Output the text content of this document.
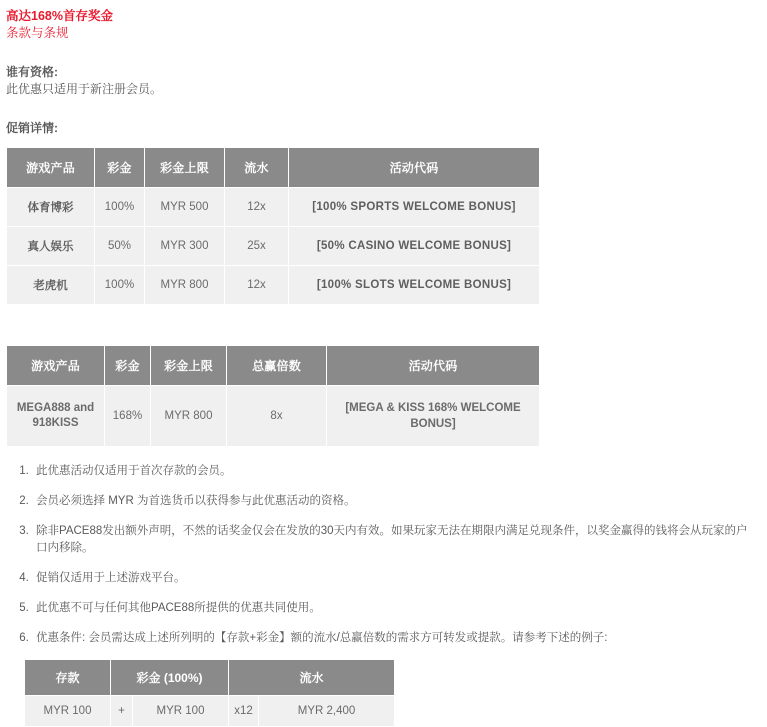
高达168%首存奖金
条款与条规
谁有资格:
此优惠只适用于新注册会员。
促销详情:
游戏产品	彩金	彩金上限	流水	活动代码
体育博彩	100%	MYR 500	12x	[100% SPORTS WELCOME BONUS]
真人娱乐	50%	MYR 300	25x	[50% CASINO WELCOME BONUS]
老虎机	100%	MYR 800	12x	[100% SLOTS WELCOME BONUS]
游戏产品	彩金	彩金上限	总赢倍数	活动代码
MEGA888 and 918KISS	168%	MYR 800	8x	[MEGA & KISS 168% WELCOME BONUS]
1. 此优惠活动仅适用于首次存款的会员。
2. 会员必须选择 MYR 为首选货币以获得参与此优惠活动的资格。
3. 除非PACE88发出额外声明，不然的话奖金仅会在发放的30天内有效。如果玩家无法在期限内满足兑现条件，以奖金赢得的钱将会从玩家的户口内移除。
4. 促销仅适用于上述游戏平台。
5. 此优惠不可与任何其他PACE88所提供的优惠共同使用。
6. 优惠条件: 会员需达成上述所列明的【存款+彩金】额的流水/总赢倍数的需求方可转发或提款。请参考下述的例子:
存款	彩金 (100%)		流水	
MYR 100	+	MYR 100	x12	MYR 2,400
